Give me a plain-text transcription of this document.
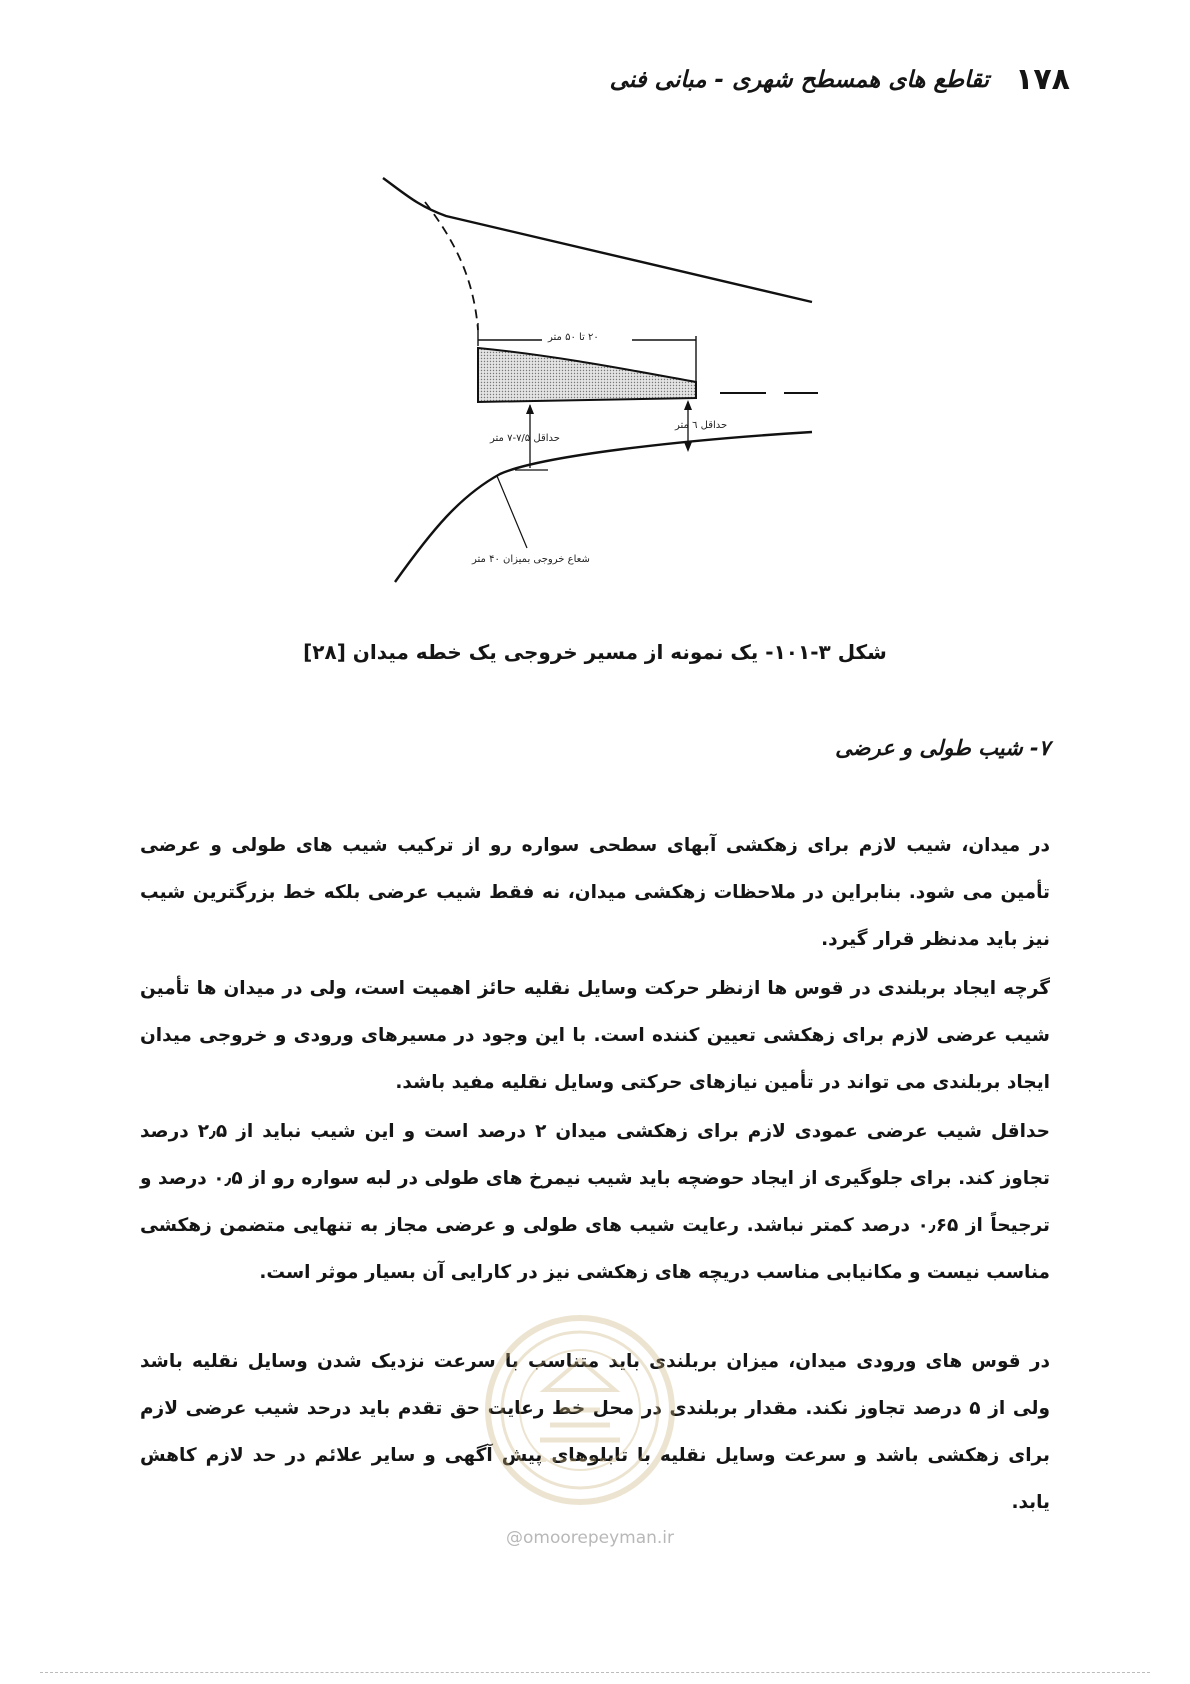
۱۷۸
تقاطع های همسطح شهری - مبانی فنی
۲۰ تا ۵۰ متر
حداقل ٦ متر
حداقل ۷/۵-۷ متر
شعاع خروجی بمیزان ۴۰ متر
شکل ۳-۱۰۱- یک نمونه از مسیر خروجی یک خطه میدان [۲۸]
۷- شیب طولی و عرضی
در میدان، شیب لازم برای زهکشی آبهای سطحی سواره رو از ترکیب شیب های طولی و عرضی تأمین می شود. بنابراین در ملاحظات زهکشی میدان، نه فقط شیب عرضی بلکه خط بزرگترین شیب نیز باید مدنظر قرار گیرد.
گرچه ایجاد بربلندی در قوس ها ازنظر حرکت وسایل نقلیه حائز اهمیت است، ولی در میدان ها تأمین شیب عرضی لازم برای زهکشی تعیین کننده است. با این وجود در مسیرهای ورودی و خروجی میدان ایجاد بربلندی می تواند در تأمین نیازهای حرکتی وسایل نقلیه مفید باشد.
حداقل شیب عرضی عمودی لازم برای زهکشی میدان ۲ درصد است و این شیب نباید از ۲٫۵ درصد تجاوز کند. برای جلوگیری از ایجاد حوضچه باید شیب نیمرخ های طولی در لبه سواره رو از ۰٫۵ درصد و ترجیحاً از ۰٫۶۵ درصد کمتر نباشد. رعایت شیب های طولی و عرضی مجاز به تنهایی متضمن زهکشی مناسب نیست و مکانیابی مناسب دریچه های زهکشی نیز در کارایی آن بسیار موثر است.
در قوس های ورودی میدان، میزان بربلندی باید متناسب با سرعت نزدیک شدن وسایل نقلیه باشد ولی از ۵ درصد تجاوز نکند. مقدار بربلندی در محل خط رعایت حق تقدم باید درحد شیب عرضی لازم برای زهکشی باشد و سرعت وسایل نقلیه با تابلوهای پیش آگهی و سایر علائم در حد لازم کاهش یابد.
@omoorepeyman.ir
